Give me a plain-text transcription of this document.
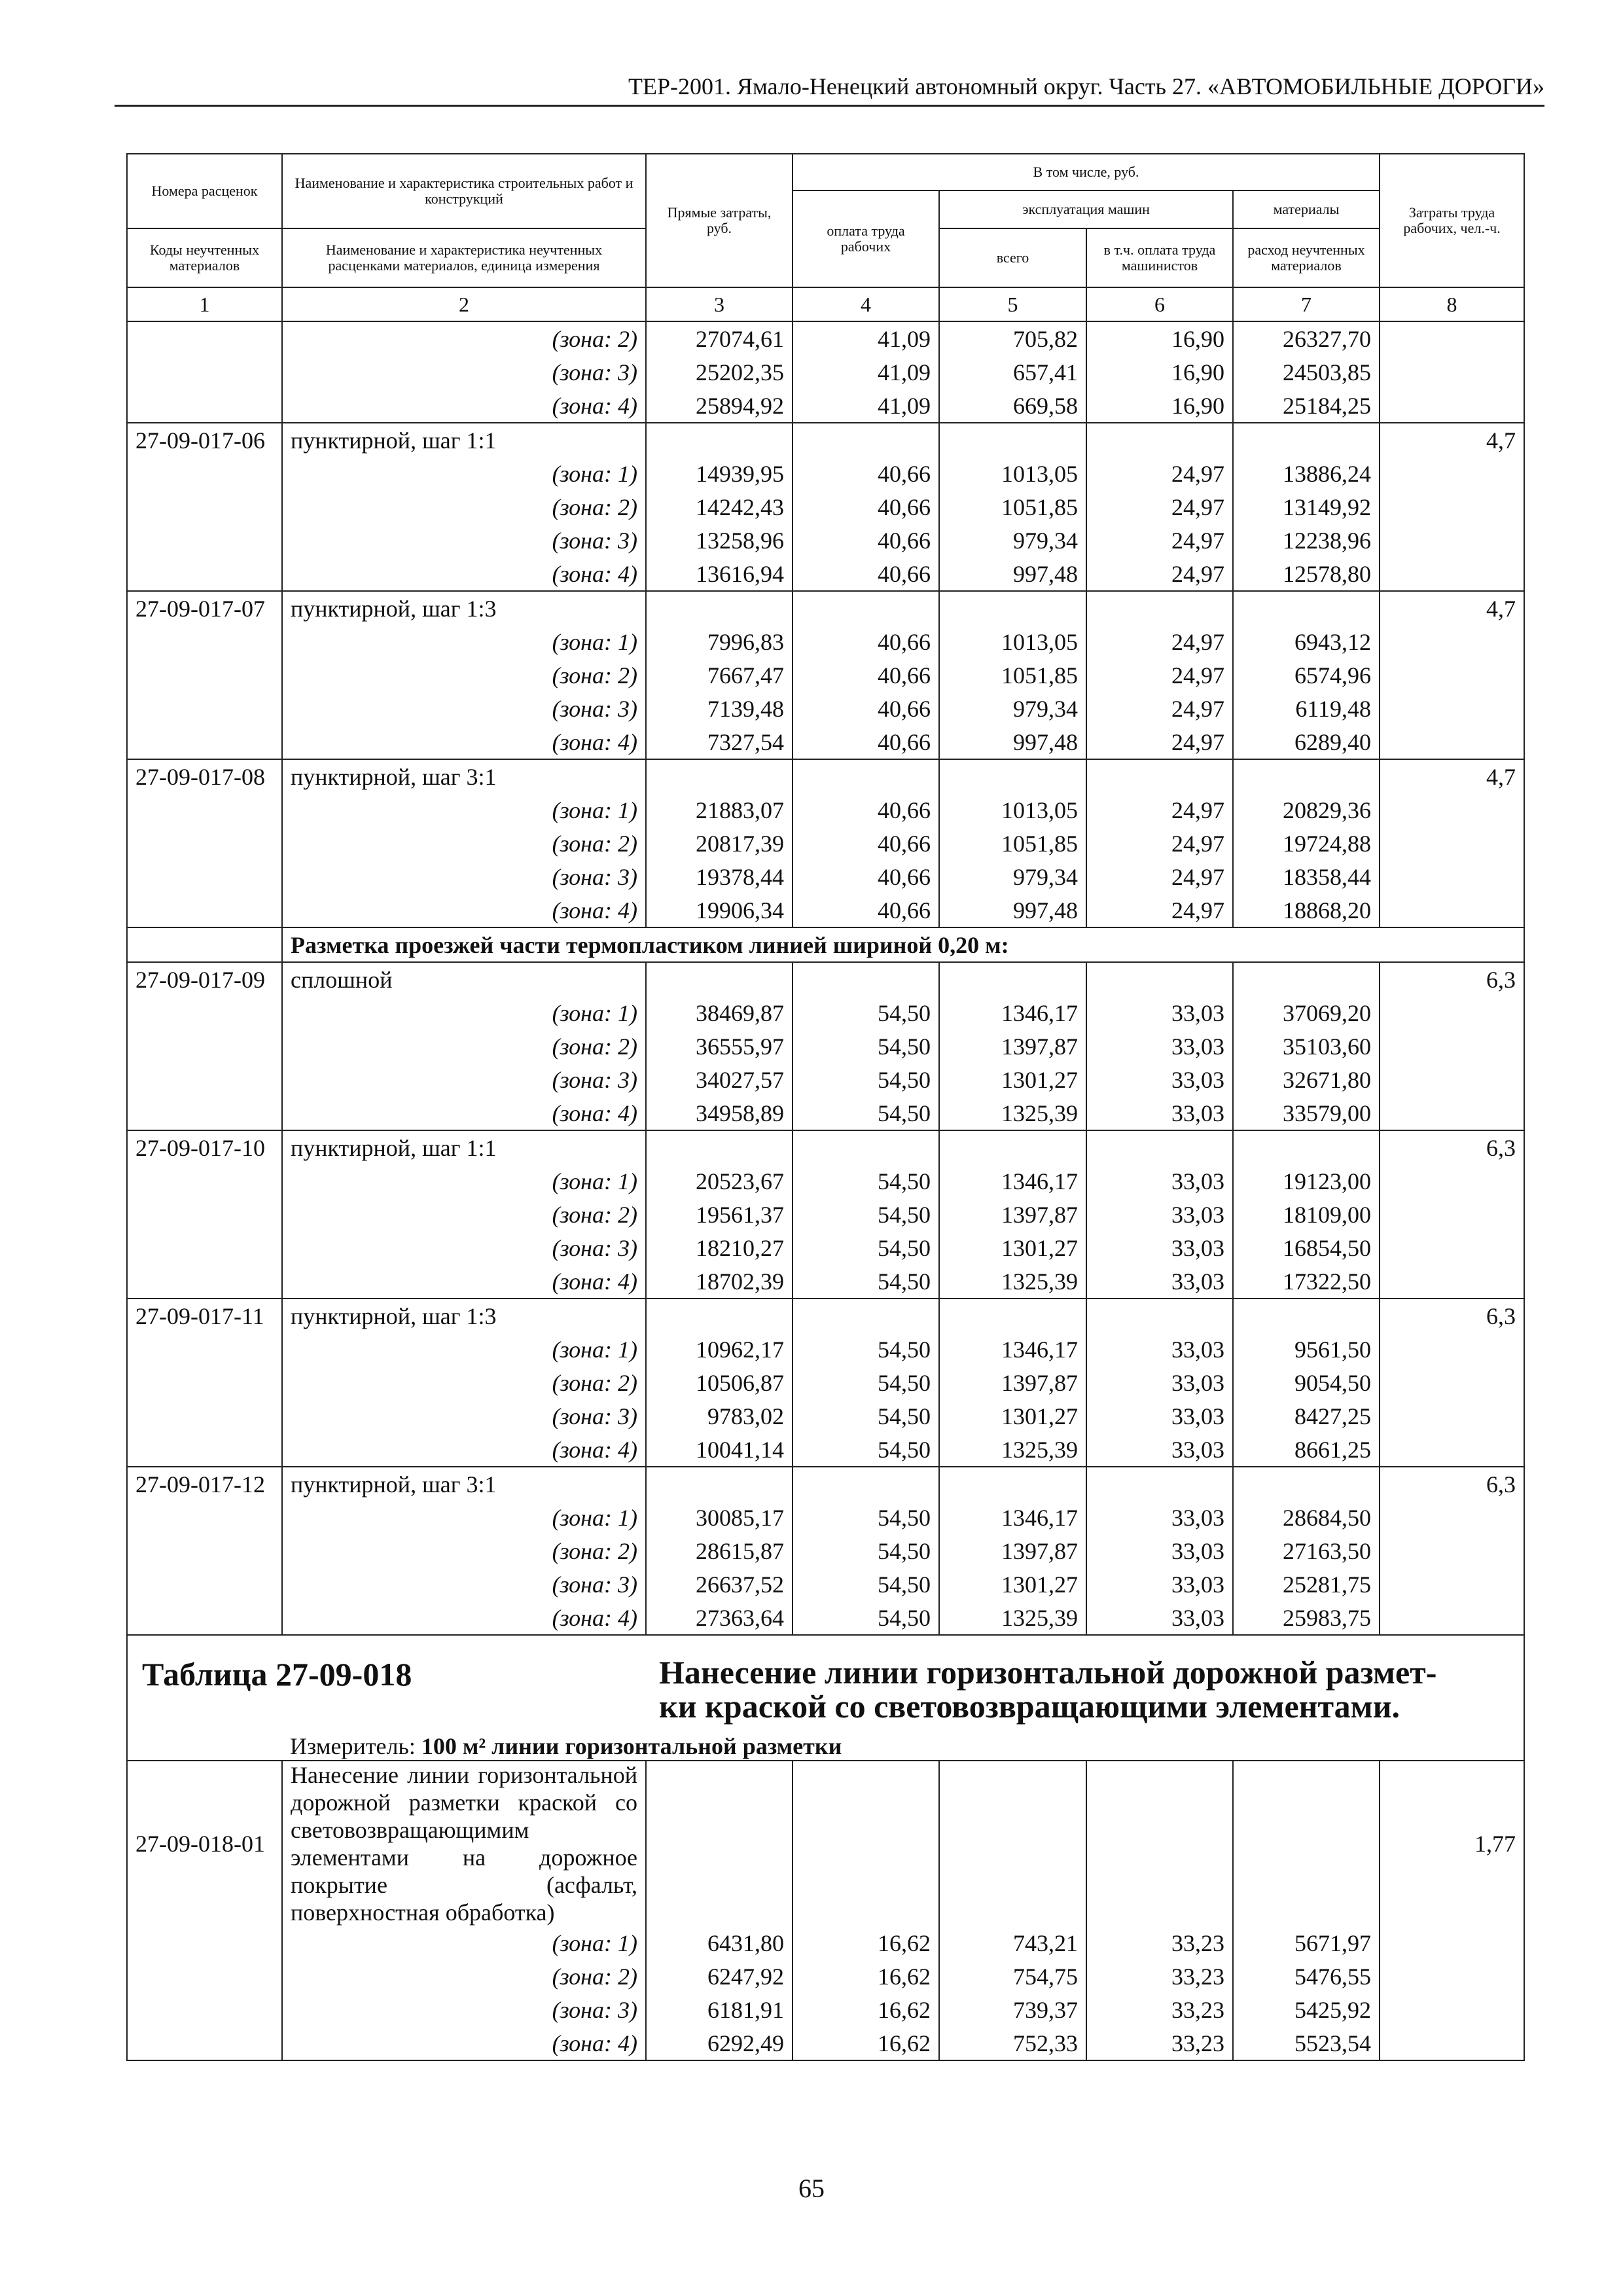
ТЕР-2001. Ямало-Ненецкий автономный округ. Часть 27. «АВТОМОБИЛЬНЫЕ ДОРОГИ»
Номера расценок	Наименование и характеристика строительных работ и конструкций	Прямые затраты, руб.	В том числе, руб.				Затраты труда рабочих, чел.-ч.
			оплата труда рабочих	эксплуатация машин		материалы	
Коды неучтенных материалов	Наименование и характеристика неучтенных расценками материалов, единица измерения			всего	в т.ч. оплата труда машинистов	расход неучтенных материалов	
1	2	3	4	5	6	7	8
	(зона: 2)	27074,61	41,09	705,82	16,90	26327,70	
	(зона: 3)	25202,35	41,09	657,41	16,90	24503,85	
	(зона: 4)	25894,92	41,09	669,58	16,90	25184,25	
27-09-017-06	пунктирной, шаг 1:1						4,7
	(зона: 1)	14939,95	40,66	1013,05	24,97	13886,24	
	(зона: 2)	14242,43	40,66	1051,85	24,97	13149,92	
	(зона: 3)	13258,96	40,66	979,34	24,97	12238,96	
	(зона: 4)	13616,94	40,66	997,48	24,97	12578,80	
27-09-017-07	пунктирной, шаг 1:3						4,7
	(зона: 1)	7996,83	40,66	1013,05	24,97	6943,12	
	(зона: 2)	7667,47	40,66	1051,85	24,97	6574,96	
	(зона: 3)	7139,48	40,66	979,34	24,97	6119,48	
	(зона: 4)	7327,54	40,66	997,48	24,97	6289,40	
27-09-017-08	пунктирной, шаг 3:1						4,7
	(зона: 1)	21883,07	40,66	1013,05	24,97	20829,36	
	(зона: 2)	20817,39	40,66	1051,85	24,97	19724,88	
	(зона: 3)	19378,44	40,66	979,34	24,97	18358,44	
	(зона: 4)	19906,34	40,66	997,48	24,97	18868,20	
	Разметка проезжей части термопластиком линией шириной 0,20 м:						
27-09-017-09	сплошной						6,3
	(зона: 1)	38469,87	54,50	1346,17	33,03	37069,20	
	(зона: 2)	36555,97	54,50	1397,87	33,03	35103,60	
	(зона: 3)	34027,57	54,50	1301,27	33,03	32671,80	
	(зона: 4)	34958,89	54,50	1325,39	33,03	33579,00	
27-09-017-10	пунктирной, шаг 1:1						6,3
	(зона: 1)	20523,67	54,50	1346,17	33,03	19123,00	
	(зона: 2)	19561,37	54,50	1397,87	33,03	18109,00	
	(зона: 3)	18210,27	54,50	1301,27	33,03	16854,50	
	(зона: 4)	18702,39	54,50	1325,39	33,03	17322,50	
27-09-017-11	пунктирной, шаг 1:3						6,3
	(зона: 1)	10962,17	54,50	1346,17	33,03	9561,50	
	(зона: 2)	10506,87	54,50	1397,87	33,03	9054,50	
	(зона: 3)	9783,02	54,50	1301,27	33,03	8427,25	
	(зона: 4)	10041,14	54,50	1325,39	33,03	8661,25	
27-09-017-12	пунктирной, шаг 3:1						6,3
	(зона: 1)	30085,17	54,50	1346,17	33,03	28684,50	
	(зона: 2)	28615,87	54,50	1397,87	33,03	27163,50	
	(зона: 3)	26637,52	54,50	1301,27	33,03	25281,75	
	(зона: 4)	27363,64	54,50	1325,39	33,03	25983,75	

Таблица 27-09-018 Нанесение линии горизонтальной дорожной размет-
ки краской со световозвращающими элементами.
Измеритель: 100 м² линии горизонтальной разметки							

27-09-018-01	Нанесение линии горизонтальной дорожной разметки краской со световозвращающимим элементами на дорожное покрытие (асфальт, поверхностная обработка)						1,77
	(зона: 1)	6431,80	16,62	743,21	33,23	5671,97	
	(зона: 2)	6247,92	16,62	754,75	33,23	5476,55	
	(зона: 3)	6181,91	16,62	739,37	33,23	5425,92	
	(зона: 4)	6292,49	16,62	752,33	33,23	5523,54	
65
